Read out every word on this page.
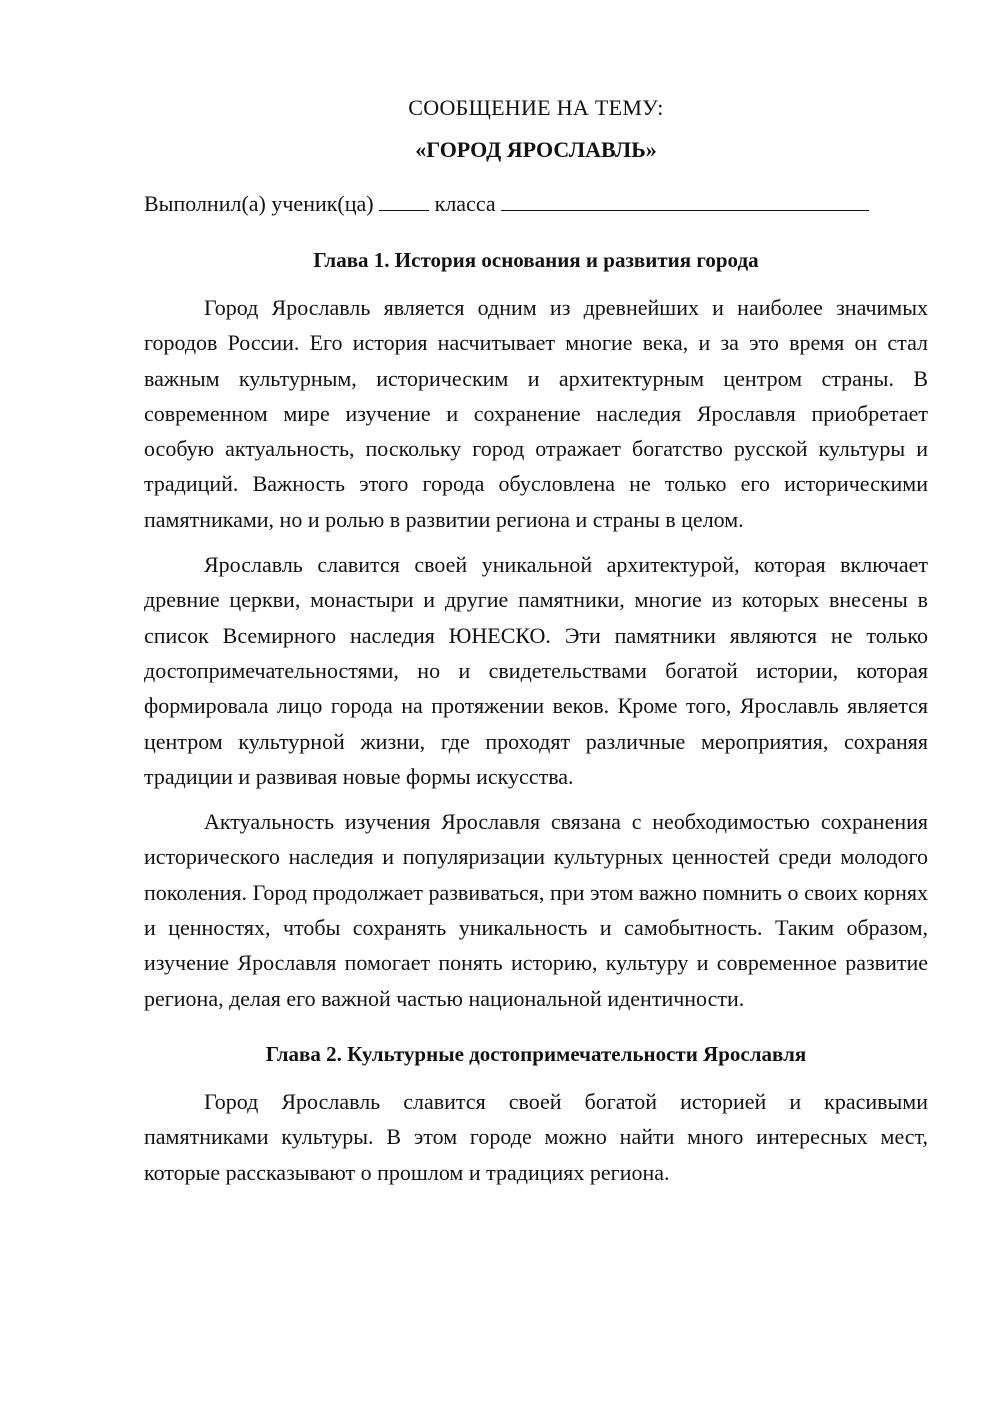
СООБЩЕНИЕ НА ТЕМУ:

«ГОРОД ЯРОСЛАВЛЬ»

Выполнил(а) ученик(ца)	класса
Глава 1. История основания и развития города

Город Ярославль является одним из древнейших и наиболее значимых городов России. Его история насчитывает многие века, и за это время он стал важным культурным, историческим и архитектурным центром страны. В современном мире изучение и сохранение наследия Ярославля приобретает особую актуальность, поскольку город отражает богатство русской культуры и традиций. Важность этого города обусловлена не только его историческими памятниками, но и ролью в развитии региона и страны в целом.

Ярославль славится своей уникальной архитектурой, которая включает древние церкви, монастыри и другие памятники, многие из которых внесены в список Всемирного наследия ЮНЕСКО. Эти памятники являются не только достопримечательностями, но и свидетельствами богатой истории, которая формировала лицо города на протяжении веков. Кроме того, Ярославль является центром культурной жизни, где проходят различные мероприятия, сохраняя традиции и развивая новые формы искусства.

Актуальность изучения Ярославля связана с необходимостью сохранения исторического наследия и популяризации культурных ценностей среди молодого поколения. Город продолжает развиваться, при этом важно помнить о своих корнях и ценностях, чтобы сохранять уникальность и самобытность. Таким образом, изучение Ярославля помогает понять историю, культуру и современное развитие региона, делая его важной частью национальной идентичности.

Глава 2. Культурные достопримечательности Ярославля

Город Ярославль славится своей богатой историей и красивыми памятниками культуры. В этом городе можно найти много интересных мест, которые рассказывают о прошлом и традициях региона.
